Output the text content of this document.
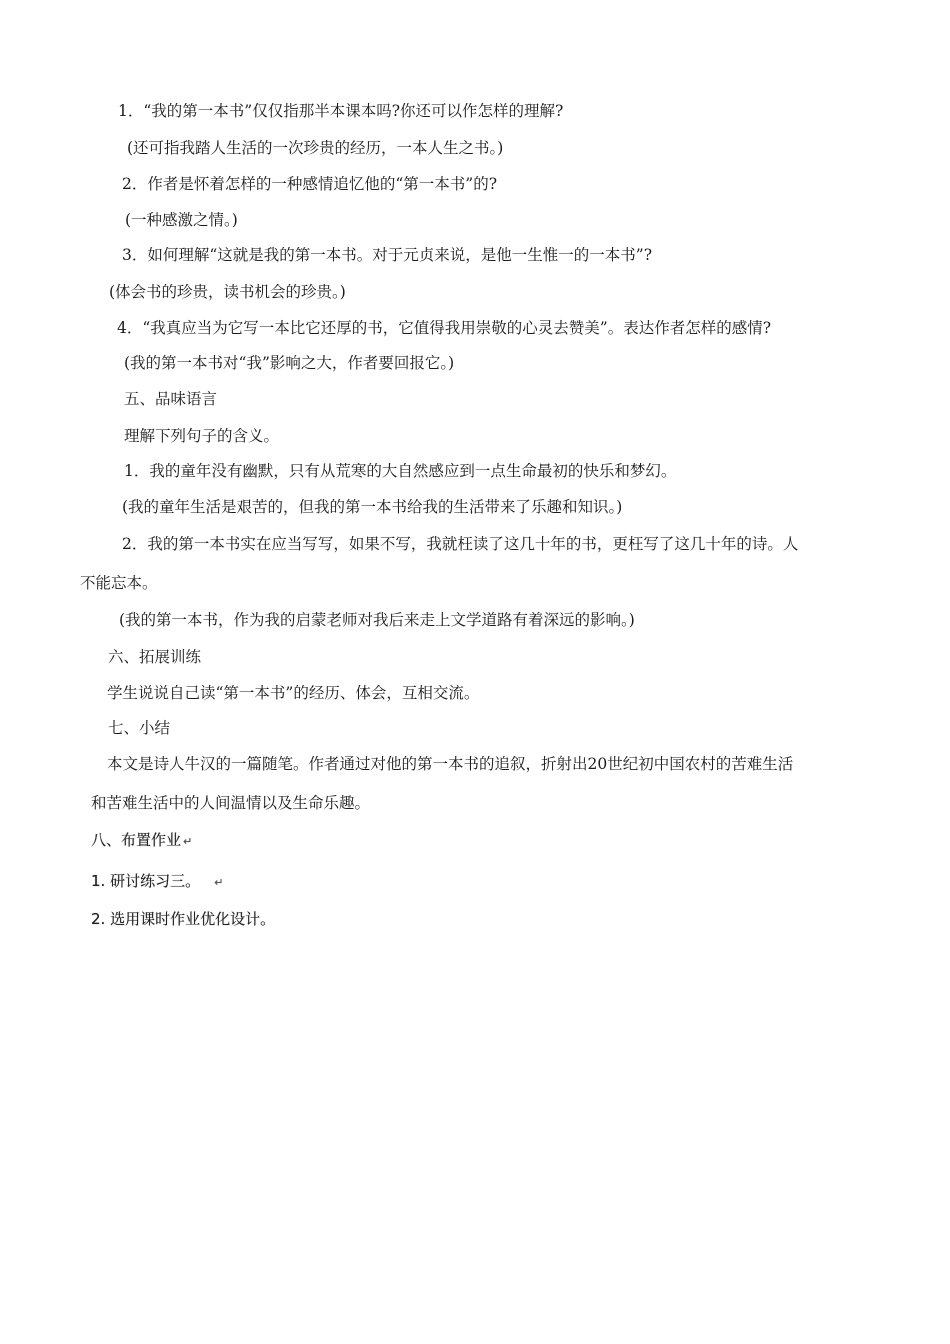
1．“我的第一本书”仅仅指那半本课本吗?你还可以作怎样的理解?
(还可指我踏人生活的一次珍贵的经历，一本人生之书。)
2．作者是怀着怎样的一种感情追忆他的“第一本书”的?
(一种感激之情。)
3．如何理解“这就是我的第一本书。对于元贞来说，是他一生惟一的一本书”?
(体会书的珍贵，读书机会的珍贵。)
4．“我真应当为它写一本比它还厚的书，它值得我用崇敬的心灵去赞美”。表达作者怎样的感情?
(我的第一本书对“我”影响之大，作者要回报它。)
五、品味语言
理解下列句子的含义。
1．我的童年没有幽默，只有从荒寒的大自然感应到一点生命最初的快乐和梦幻。
(我的童年生活是艰苦的，但我的第一本书给我的生活带来了乐趣和知识。)
2．我的第一本书实在应当写写，如果不写，我就枉读了这几十年的书，更枉写了这几十年的诗。人
不能忘本。
(我的第一本书，作为我的启蒙老师对我后来走上文学道路有着深远的影响。)
六、拓展训练
学生说说自己读“第一本书”的经历、体会，互相交流。
七、小结
本文是诗人牛汉的一篇随笔。作者通过对他的第一本书的追叙，折射出20世纪初中国农村的苦难生活
和苦难生活中的人间温情以及生命乐趣。
八、布置作业 ↵
1. 研讨练习三。 ↵
2. 选用课时作业优化设计。
